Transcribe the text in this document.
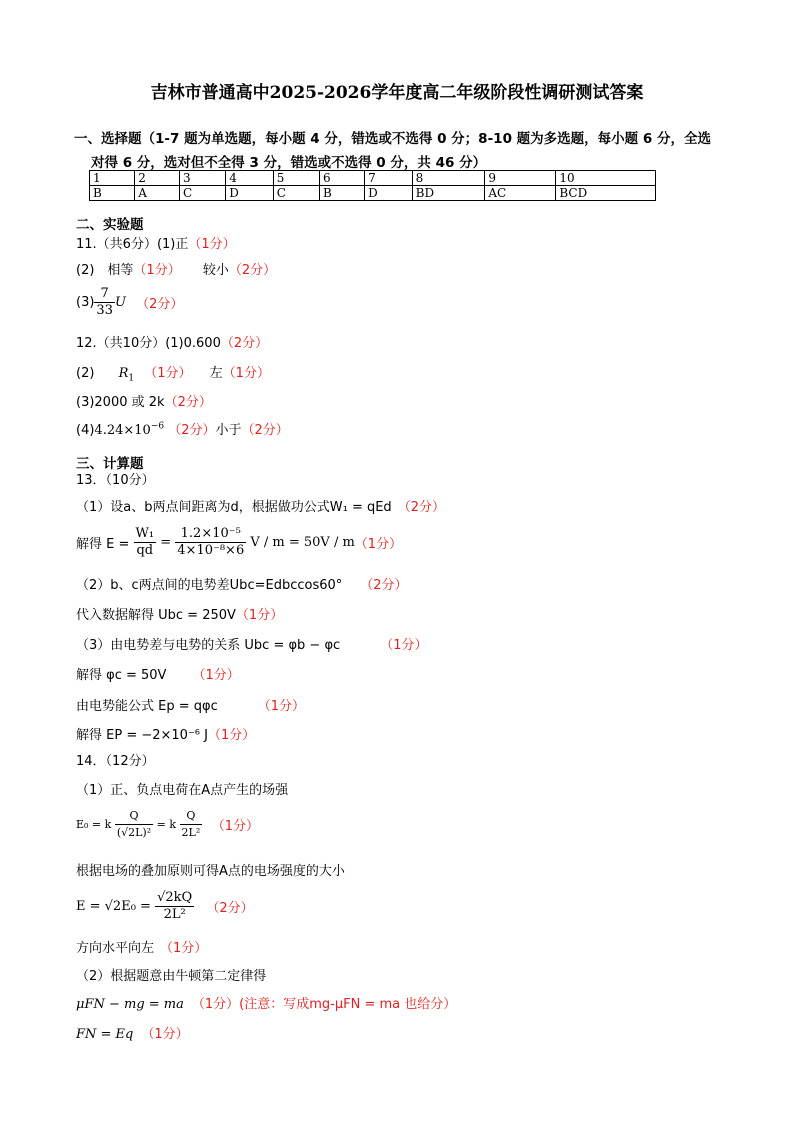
吉林市普通高中2025-2026学年度高二年级阶段性调研测试答案
一、选择题（1-7 题为单选题，每小题 4 分，错选或不选得 0 分；8-10 题为多选题，每小题 6 分，全选
对得 6 分，选对但不全得 3 分，错选或不选得 0 分，共 46 分）
1	2	3	4	5	6	7	8	9	10
B	A	C	D	C	B	D	BD	AC	BCD
二、实验题
11.（共6分）(1)正（1分）
(2)　相等（1分） 较小（2分）
$(3) \frac{7}{33}$ U （2分）
12.（共10分）(1)0.600（2分）
(2) $R_1$ （1分） 左（1分）
(3)2000 或 2k（2分）
$(4)4.24\times 10^{-6}$ （2分）小于（2分）
三、计算题
13．（10分）
（1）设a、b两点间距离为d，根据做功公式W₁ = qEd （2分）
解得 $E = \frac{\text{W₁}}{qd} = \frac{\text{1.2×10⁻⁵}}{\text{4×10⁻⁸×6}}$ V / m = 50V / m（1分）
（2）b、c两点间的电势差Ubc=Edbccos60° （2分）
代入数据解得 Ubc = 250V（1分）
（3）由电势差与电势的关系 Ubc = φb − φc	（1分）
解得 φc = 50V （1分）
由电势能公式 Ep = qφc	（1分）
解得 EP = −2×10⁻⁶ J（1分）
14．（12分）
（1）正、负点电荷在A点产生的场强
E₀ = k $\frac{Q}{\text{(√2L)²}} = k \frac{Q}{\text{2L²}} (1$分）
根据电场的叠加原则可得A点的电场强度的大小
$E = √2E_0 = \frac{√2kQ}{\text{2L²}} (2$分）
方向水平向左 （1分）
（2）根据题意由牛顿第二定律得
μFN − mg = ma （1分）(注意：写成mg-μFN = ma 也给分）
FN = Eq （1分）
